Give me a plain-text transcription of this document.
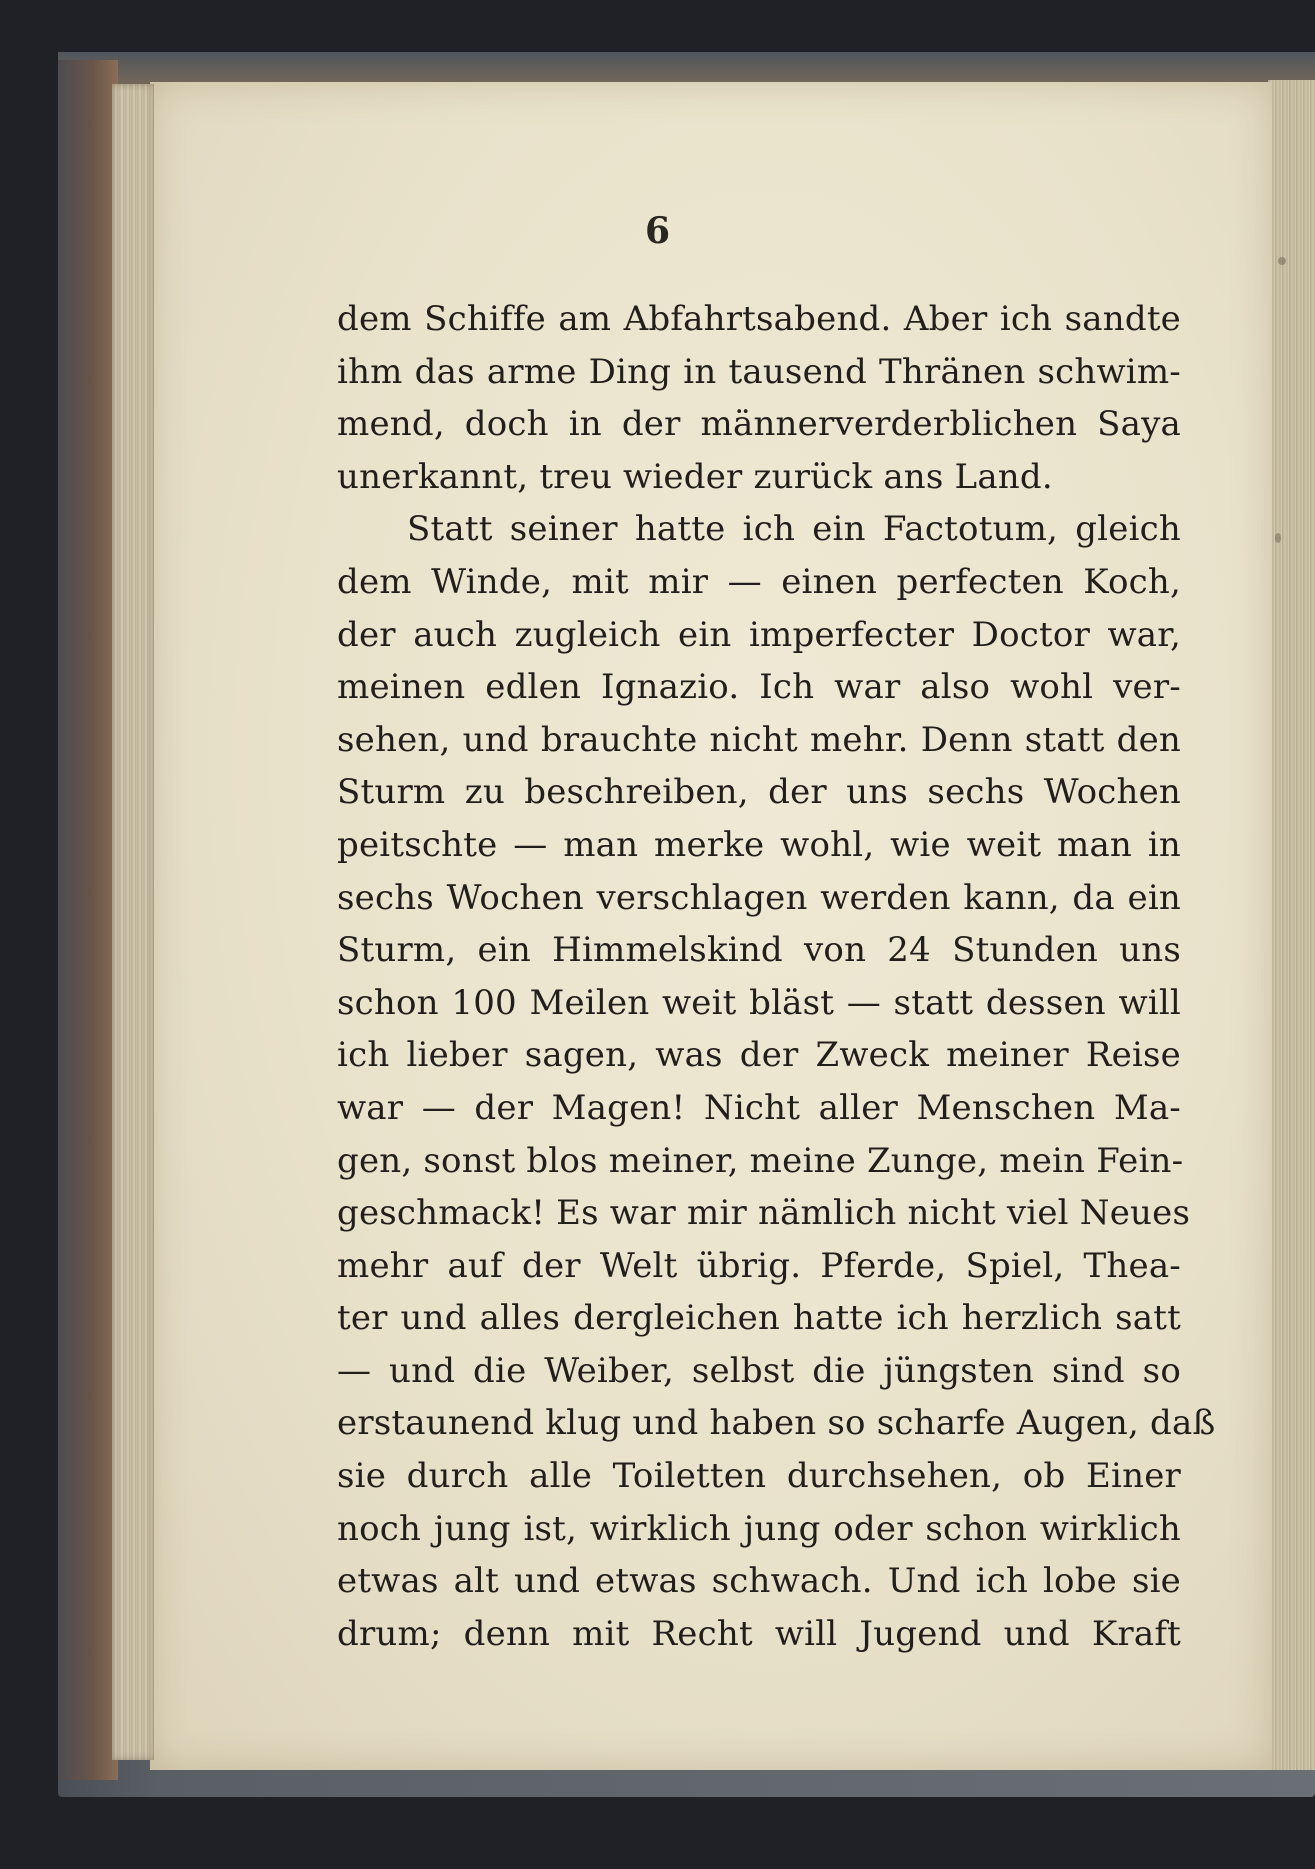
6
dem Schiffe am Abfahrtsabend. Aber ich sandte
ihm das arme Ding in tausend Thränen schwim-
mend, doch in der männerverderblichen Saya
unerkannt, treu wieder zurück ans Land.
Statt seiner hatte ich ein Factotum, gleich
dem Winde, mit mir — einen perfecten Koch,
der auch zugleich ein imperfecter Doctor war,
meinen edlen Ignazio. Ich war also wohl ver-
sehen, und brauchte nicht mehr. Denn statt den
Sturm zu beschreiben, der uns sechs Wochen
peitschte — man merke wohl, wie weit man in
sechs Wochen verschlagen werden kann, da ein
Sturm, ein Himmelskind von 24 Stunden uns
schon 100 Meilen weit bläst — statt dessen will
ich lieber sagen, was der Zweck meiner Reise
war — der Magen! Nicht aller Menschen Ma-
gen, sonst blos meiner, meine Zunge, mein Fein-
geschmack! Es war mir nämlich nicht viel Neues
mehr auf der Welt übrig. Pferde, Spiel, Thea-
ter und alles dergleichen hatte ich herzlich satt
— und die Weiber, selbst die jüngsten sind so
erstaunend klug und haben so scharfe Augen, daß
sie durch alle Toiletten durchsehen, ob Einer
noch jung ist, wirklich jung oder schon wirklich
etwas alt und etwas schwach. Und ich lobe sie
drum; denn mit Recht will Jugend und Kraft
